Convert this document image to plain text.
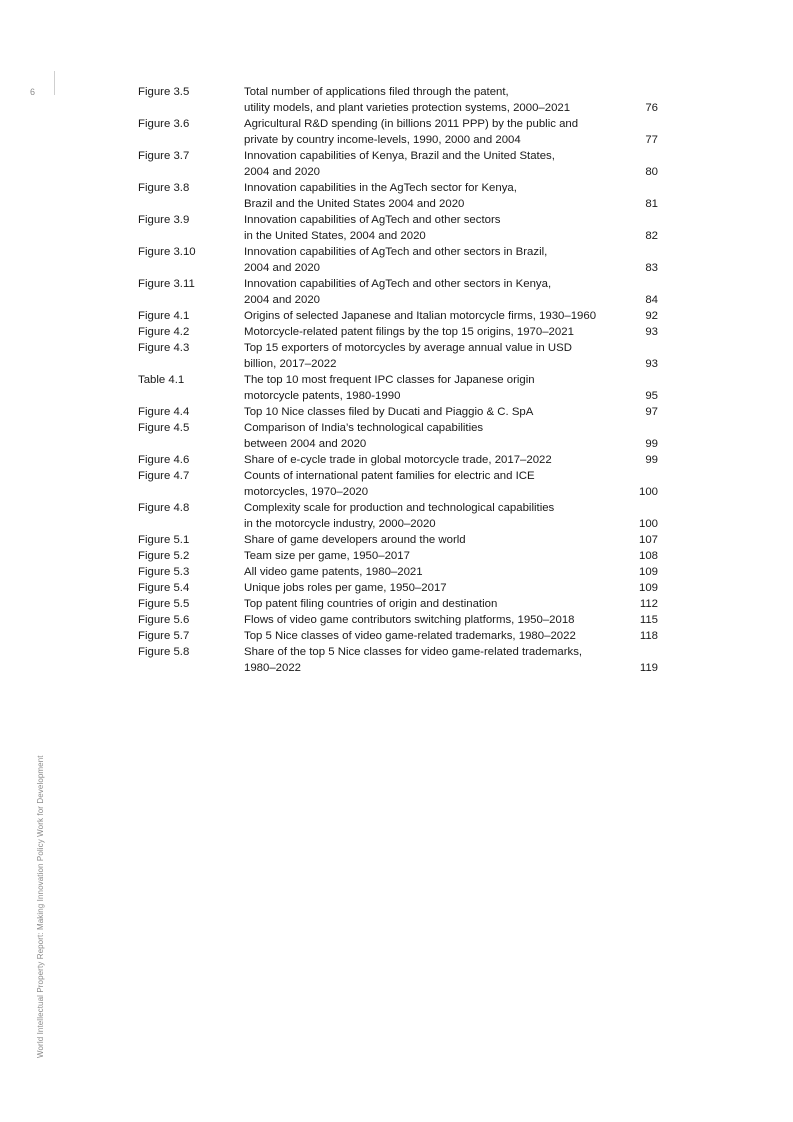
6
World Intellectual Property Report: Making Innovation Policy Work for Development
Figure 3.5	Total number of applications filed through the patent,
utility models, and plant varieties protection systems, 2000–2021	76
Figure 3.6	Agricultural R&D spending (in billions 2011 PPP) by the public and
private by country income-levels, 1990, 2000 and 2004	77
Figure 3.7	Innovation capabilities of Kenya, Brazil and the United States,
2004 and 2020	80
Figure 3.8	Innovation capabilities in the AgTech sector for Kenya,
Brazil and the United States 2004 and 2020	81
Figure 3.9	Innovation capabilities of AgTech and other sectors
in the United States, 2004 and 2020	82
Figure 3.10	Innovation capabilities of AgTech and other sectors in Brazil,
2004 and 2020	83
Figure 3.11	Innovation capabilities of AgTech and other sectors in Kenya,
2004 and 2020	84
Figure 4.1	Origins of selected Japanese and Italian motorcycle firms, 1930–1960	92
Figure 4.2	Motorcycle-related patent filings by the top 15 origins, 1970–2021	93
Figure 4.3	Top 15 exporters of motorcycles by average annual value in USD
billion, 2017–2022	93
Table 4.1	The top 10 most frequent IPC classes for Japanese origin
motorcycle patents, 1980-1990	95
Figure 4.4	Top 10 Nice classes filed by Ducati and Piaggio & C. SpA	97
Figure 4.5	Comparison of India’s technological capabilities
between 2004 and 2020	99
Figure 4.6	Share of e-cycle trade in global motorcycle trade, 2017–2022	99
Figure 4.7	Counts of international patent families for electric and ICE
motorcycles, 1970–2020	100
Figure 4.8	Complexity scale for production and technological capabilities
in the motorcycle industry, 2000–2020	100
Figure 5.1	Share of game developers around the world	107
Figure 5.2	Team size per game, 1950–2017	108
Figure 5.3	All video game patents, 1980–2021	109
Figure 5.4	Unique jobs roles per game, 1950–2017	109
Figure 5.5	Top patent filing countries of origin and destination	112
Figure 5.6	Flows of video game contributors switching platforms, 1950–2018	115
Figure 5.7	Top 5 Nice classes of video game-related trademarks, 1980–2022	118
Figure 5.8	Share of the top 5 Nice classes for video game-related trademarks,
1980–2022	119
